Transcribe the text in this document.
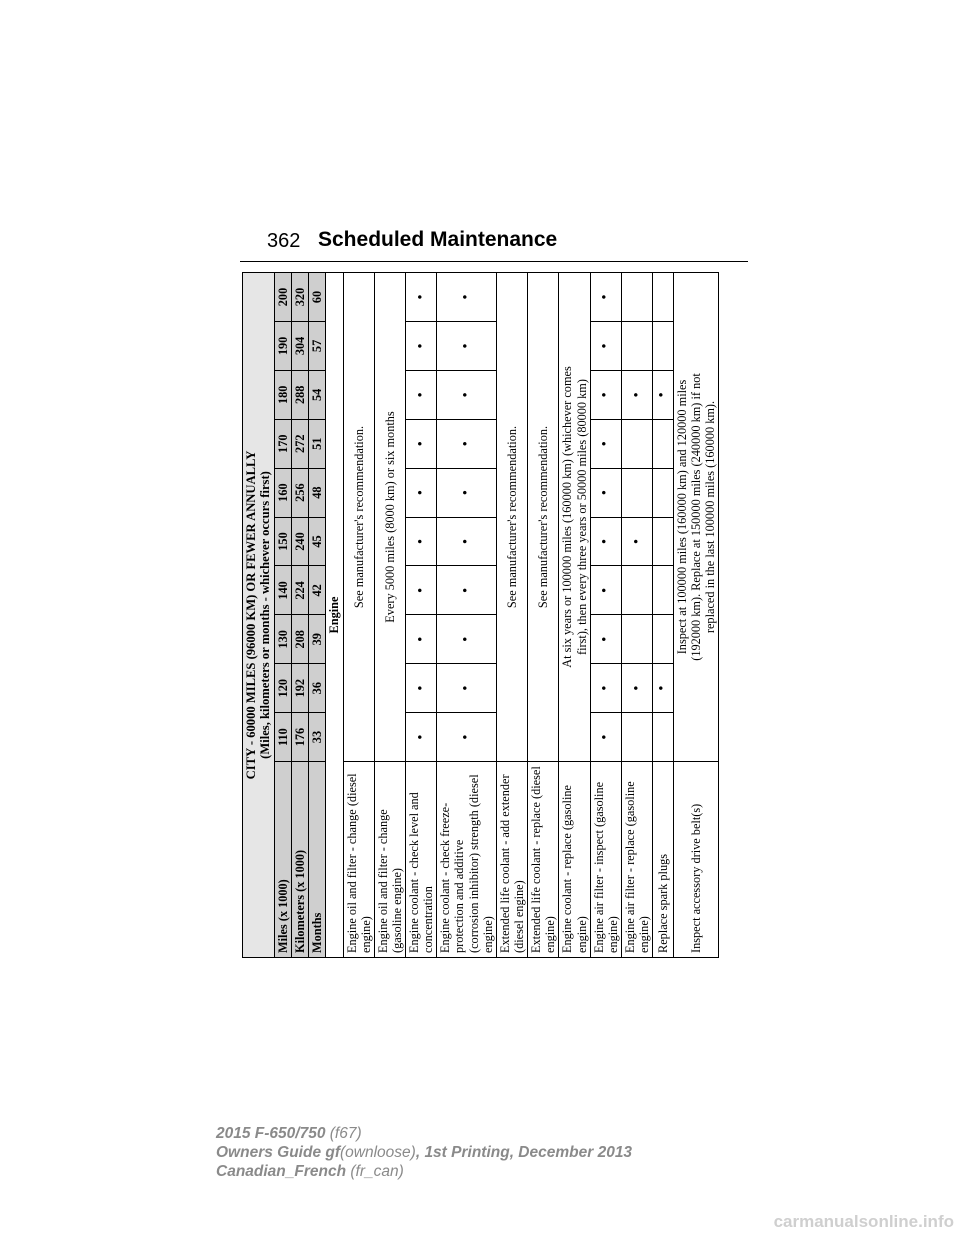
362 Scheduled Maintenance
CITY - 60000 MILES (96000 KM) OR FEWER ANNUALLY (Miles, kilometers or months - whichever occurs first)										

Miles (x 1000)	110	120	130	140	150	160	170	180	190	200
Kilometers (x 1000)	176	192	208	224	240	256	272	288	304	320
Months	33	36	39	42	45	48	51	54	57	60
Engine										
Engine oil and filter - change (diesel engine)	See manufacturer's recommendation.									
Engine oil and filter - change (gasoline engine)	Every 5000 miles (8000 km) or six months									
Engine coolant - check level and concentration	•	•	•	•	•	•	•	•	•	•

Engine coolant - check freeze-protection and additive (corrosion inhibitor) strength (diesel engine)	•	•	•	•	•	•	•	•	•	•
Extended life coolant - add extender (diesel engine)	See manufacturer's recommendation.									
Extended life coolant - replace (diesel engine)	See manufacturer's recommendation.									
Engine coolant - replace (gasoline engine)	At six years or 100000 miles (160000 km) (whichever comes first), then every three years or 50000 miles (80000 km)									

Engine air filter - inspect (gasoline engine)	•	•	•	•	•	•	•	•	•	•
Engine air filter - replace (gasoline engine)		•			•			•		
Replace spark plugs		•						•		
Inspect accessory drive belt(s)	Inspect at 100000 miles (160000 km) and 120000 miles (192000 km). Replace at 150000 miles (240000 km) if not replaced in the last 100000 miles (160000 km).									
2015 F-650/750 (f67)
Owners Guide gf(ownloose), 1st Printing, December 2013
Canadian_French (fr_can)
carmanualsonline.info
